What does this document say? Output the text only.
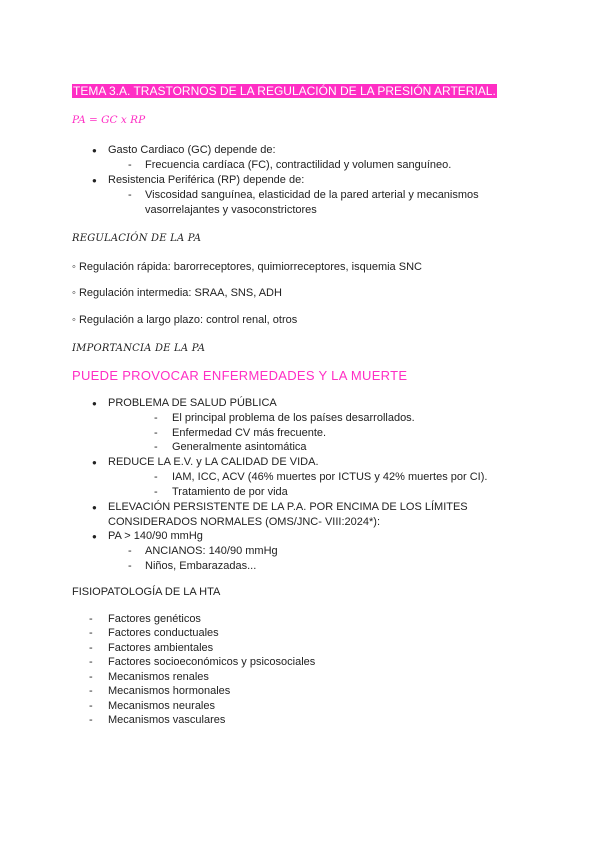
TEMA 3.A. TRASTORNOS DE LA REGULACIÓN DE LA PRESIÓN ARTERIAL.
PA = GC x RP
● Gasto Cardiaco (GC) depende de:
- Frecuencia cardíaca (FC), contractilidad y volumen sanguíneo.
● Resistencia Periférica (RP) depende de:
- Viscosidad sanguínea, elasticidad de la pared arterial y mecanismos
vasorrelajantes y vasoconstrictores
REGULACIÓN DE LA PA
◦ Regulación rápida: barorreceptores, quimiorreceptores, isquemia SNC
◦ Regulación intermedia: SRAA, SNS, ADH
◦ Regulación a largo plazo: control renal, otros
IMPORTANCIA DE LA PA
PUEDE PROVOCAR ENFERMEDADES Y LA MUERTE
● PROBLEMA DE SALUD PÚBLICA
- El principal problema de los países desarrollados.
- Enfermedad CV más frecuente.
- Generalmente asintomática
● REDUCE LA E.V. y LA CALIDAD DE VIDA.
- IAM, ICC, ACV (46% muertes por ICTUS y 42% muertes por CI).
- Tratamiento de por vida
● ELEVACIÓN PERSISTENTE DE LA P.A. POR ENCIMA DE LOS LÍMITES
CONSIDERADOS NORMALES (OMS/JNC- VIII:2024*):
● PA > 140/90 mmHg
- ANCIANOS: 140/90 mmHg
- Niños, Embarazadas...
FISIOPATOLOGÍA DE LA HTA
- Factores genéticos
- Factores conductuales
- Factores ambientales
- Factores socioeconómicos y psicosociales
- Mecanismos renales
- Mecanismos hormonales
- Mecanismos neurales
- Mecanismos vasculares
